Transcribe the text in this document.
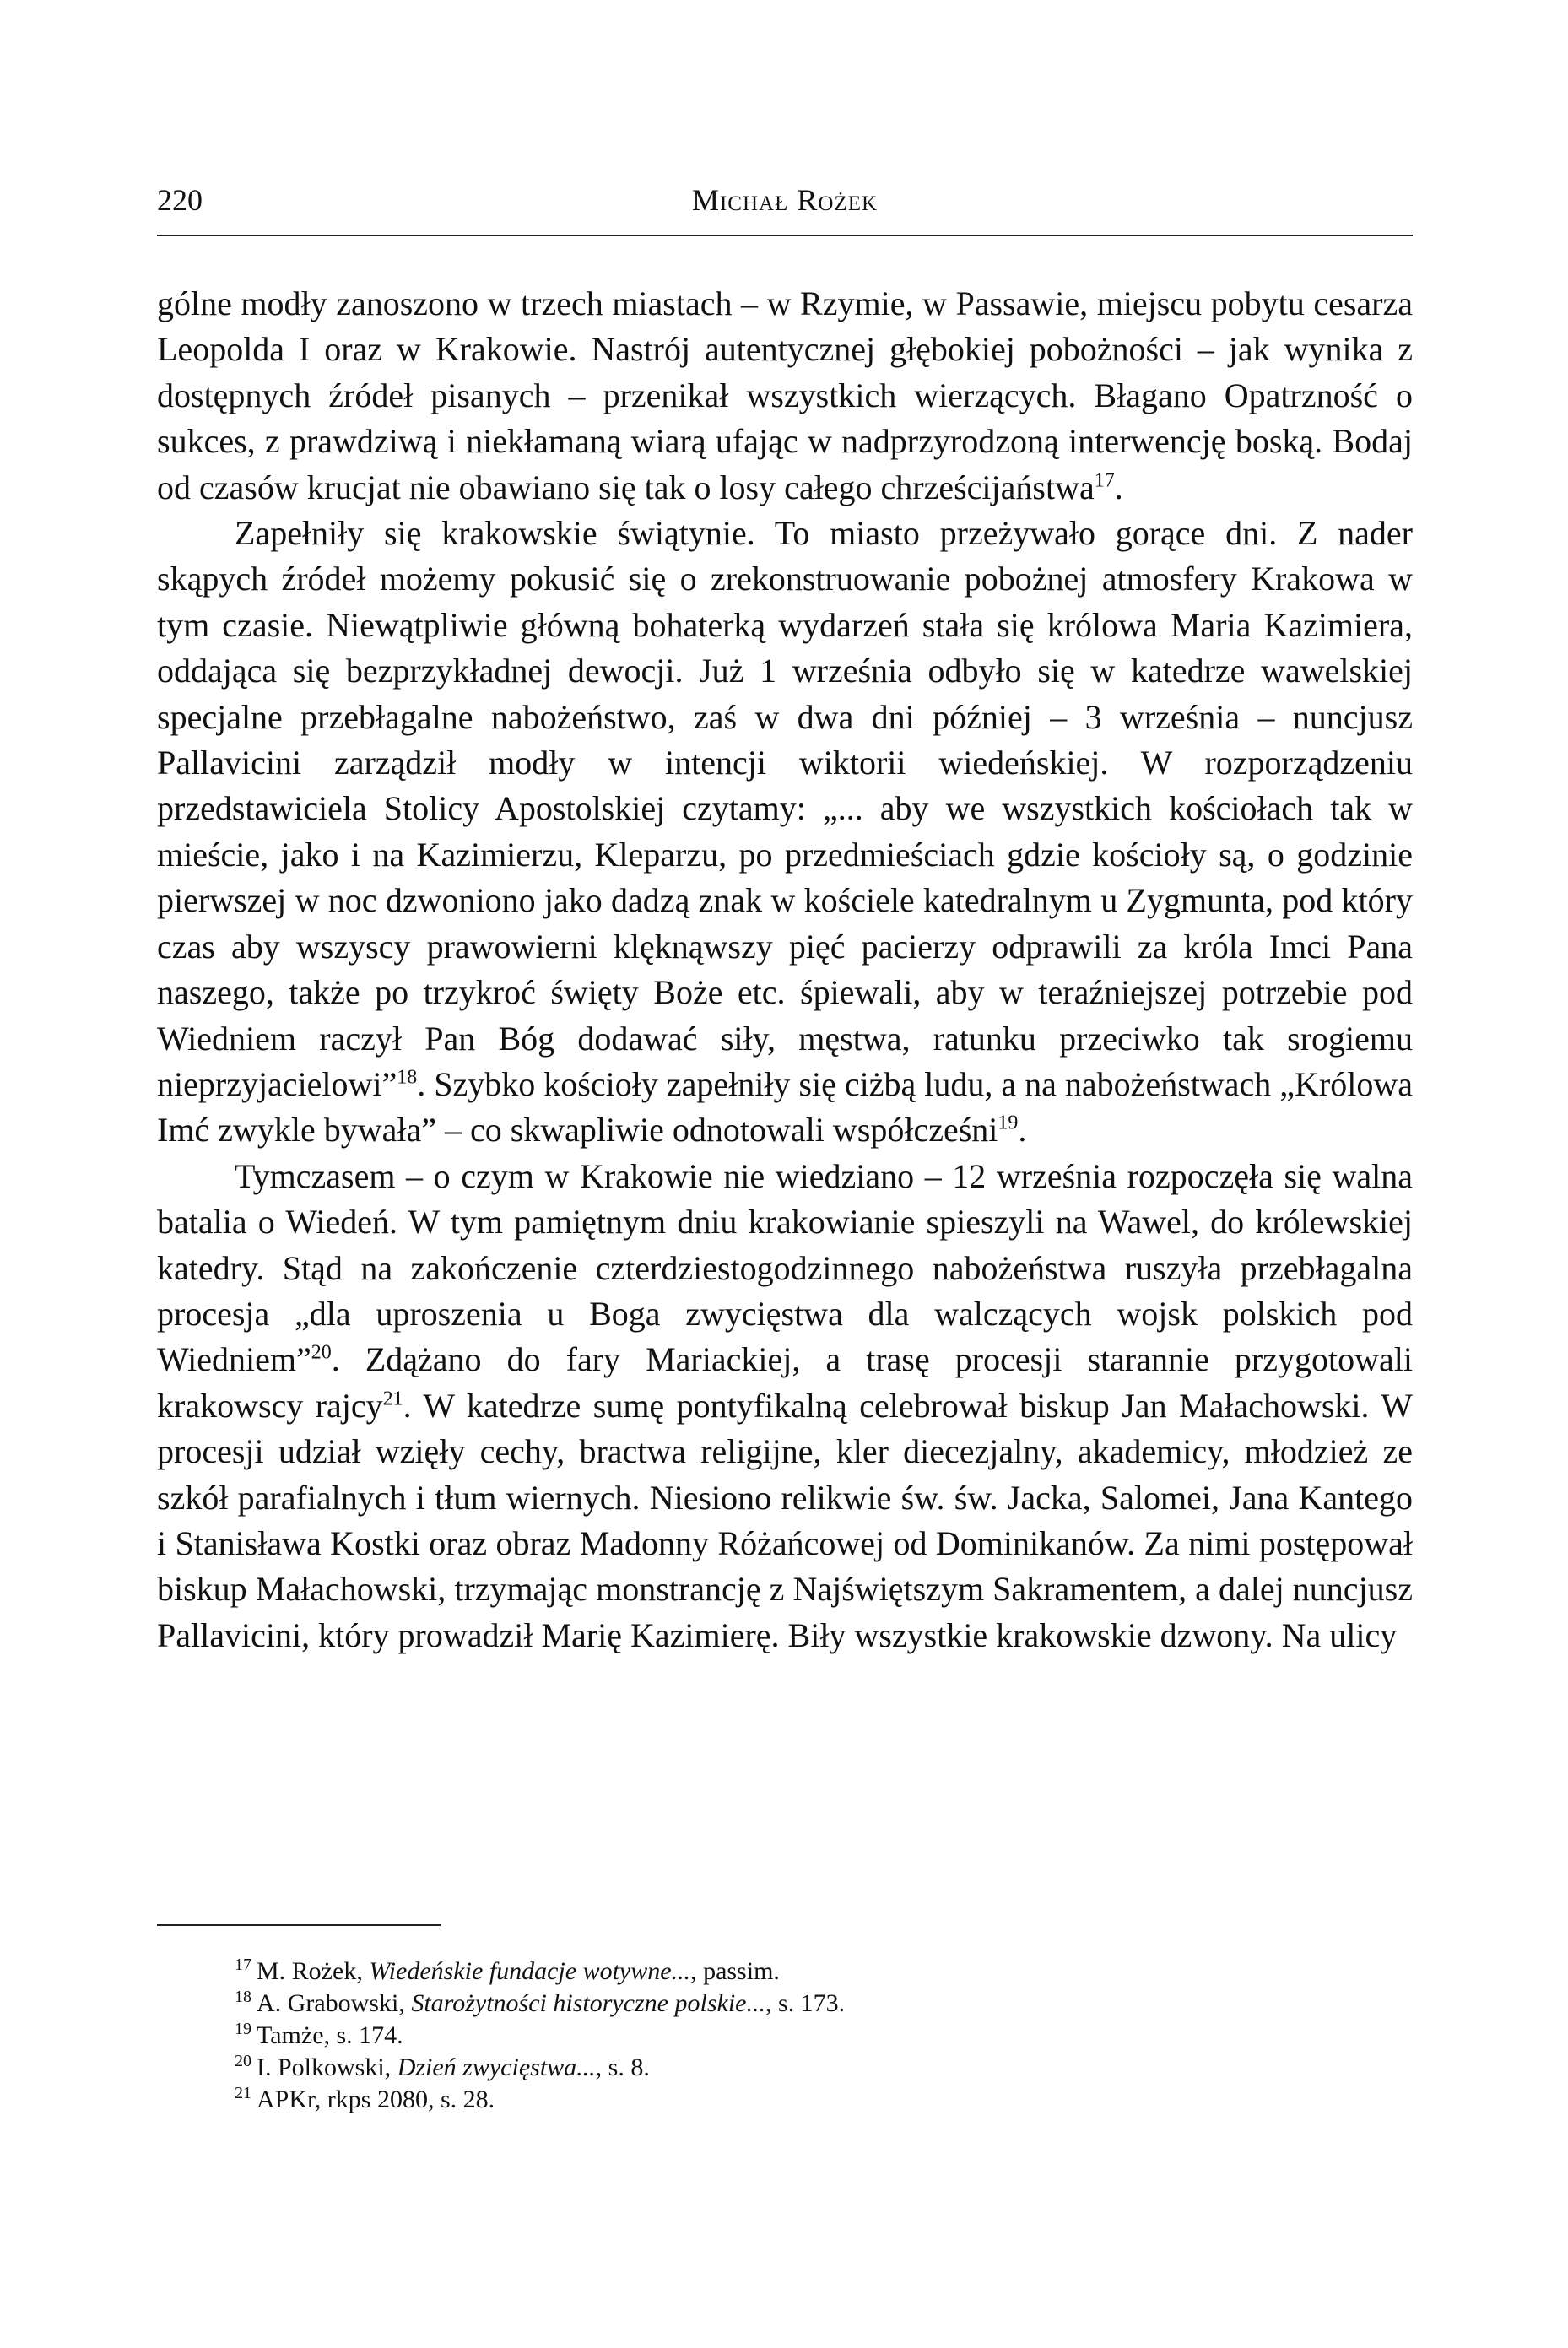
220	Michał Rożek

gólne modły zanoszono w trzech miastach – w Rzymie, w Passawie, miejscu pobytu cesarza Leopolda I oraz w Krakowie. Nastrój autentycznej głębokiej pobożności – jak wynika z dostępnych źródeł pisanych – przenikał wszystkich wierzących. Błagano Opatrzność o sukces, z prawdziwą i niekłamaną wiarą ufając w nadprzyrodzoną interwencję boską. Bodaj od czasów krucjat nie obawiano się tak o losy całego chrześcijaństwa$^{17}$.

Zapełniły się krakowskie świątynie. To miasto przeżywało gorące dni. Z nader skąpych źródeł możemy pokusić się o zrekonstruowanie pobożnej atmosfery Krakowa w tym czasie. Niewątpliwie główną bohaterką wydarzeń stała się królowa Maria Kazimiera, oddająca się bezprzykładnej dewocji. Już 1 września odbyło się w katedrze wawelskiej specjalne przebłagalne nabożeństwo, zaś w dwa dni później – 3 września – nuncjusz Pallavicini zarządził modły w intencji wiktorii wiedeńskiej. W rozporządzeniu przedstawiciela Stolicy Apostolskiej czytamy: „... aby we wszystkich kościołach tak w mieście, jako i na Kazimierzu, Kleparzu, po przedmieściach gdzie kościoły są, o godzinie pierwszej w noc dzwoniono jako dadzą znak w kościele katedralnym u Zygmunta, pod który czas aby wszyscy prawowierni klęknąwszy pięć pacierzy odprawili za króla Imci Pana naszego, także po trzykroć święty Boże etc. śpiewali, aby w teraźniejszej potrzebie pod Wiedniem raczył Pan Bóg dodawać siły, męstwa, ratunku przeciwko tak srogiemu nieprzyjacielowi”$^{18}$. Szybko kościoły zapełniły się ciżbą ludu, a na nabożeństwach „Królowa Imć zwykle bywała” – co skwapliwie odnotowali współcześni$^{19}$.

Tymczasem – o czym w Krakowie nie wiedziano – 12 września rozpoczęła się walna batalia o Wiedeń. W tym pamiętnym dniu krakowianie spieszyli na Wawel, do królewskiej katedry. Stąd na zakończenie czterdziestogodzinnego nabożeństwa ruszyła przebłagalna procesja „dla uproszenia u Boga zwycięstwa dla walczących wojsk polskich pod Wiedniem”$^{20}$. Zdążano do fary Mariackiej, a trasę procesji starannie przygotowali krakowscy rajcy$^{21}$. W katedrze sumę pontyfikalną celebrował biskup Jan Małachowski. W procesji udział wzięły cechy, bractwa religijne, kler diecezjalny, akademicy, młodzież ze szkół parafialnych i tłum wiernych. Niesiono relikwie św. św. Jacka, Salomei, Jana Kantego i Stanisława Kostki oraz obraz Madonny Różańcowej od Dominikanów. Za nimi postępował biskup Małachowski, trzymając monstrancję z Najświętszym Sakramentem, a dalej nuncjusz Pallavicini, który prowadził Marię Kazimierę. Biły wszystkie krakowskie dzwony. Na ulicy

$^{17}$ M. Rożek, Wiedeńskie fundacje wotywne..., passim.

$^{18}$ A. Grabowski, Starożytności historyczne polskie..., s. 173.

$^{19}$ Tamże, s. 174.

$^{20}$ I. Polkowski, Dzień zwycięstwa..., s. 8.

$^{21}$ APKr, rkps 2080, s. 28.
